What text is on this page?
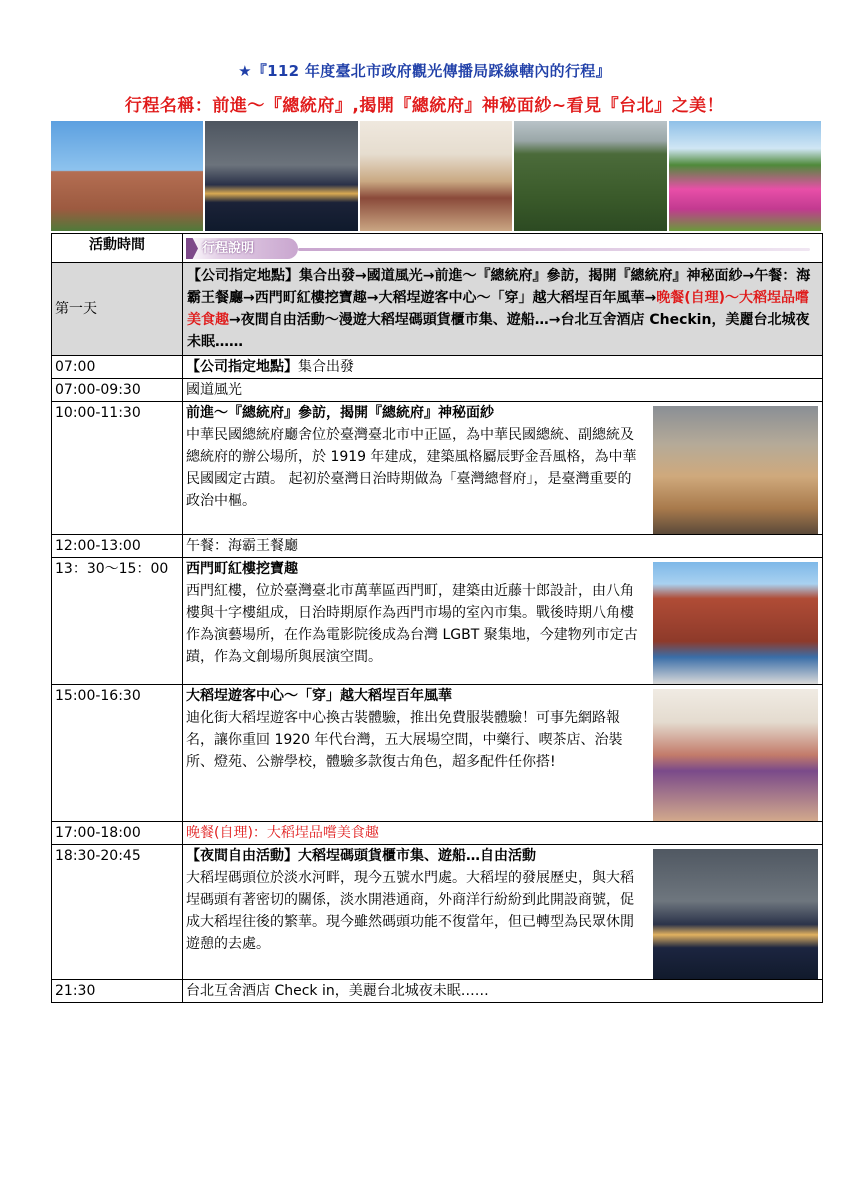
★『112 年度臺北市政府觀光傳播局踩線轄內的行程』
行程名稱：前進～『總統府』,揭開『總統府』神秘面紗~看見『台北』之美！
活動時間	行程說明

第一天	【公司指定地點】集合出發→國道風光→前進～『總統府』參訪，揭開『總統府』神秘面紗→午餐：海霸王餐廳→西門町紅樓挖寶趣→大稻埕遊客中心～「穿」越大稻埕百年風華→晚餐(自理)～大稻埕品嚐美食趣→夜間自由活動～漫遊大稻埕碼頭貨櫃市集、遊船…→台北互舍酒店 Checkin，美麗台北城夜未眠……
07:00	【公司指定地點】集合出發
07:00-09:30	國道風光
10:00-11:30	前進～『總統府』參訪，揭開『總統府』神秘面紗
中華民國總統府廳舍位於臺灣臺北市中正區，為中華民國總統、副總統及總統府的辦公場所，於 1919 年建成，建築風格屬辰野金吾風格，為中華民國國定古蹟。 起初於臺灣日治時期做為「臺灣總督府」，是臺灣重要的政治中樞。

12:00-13:00	午餐：海霸王餐廳
13：30～15：00	西門町紅樓挖寶趣
西門紅樓，位於臺灣臺北市萬華區西門町，建築由近藤十郎設計，由八角樓與十字樓組成，日治時期原作為西門市場的室內市集。戰後時期八角樓作為演藝場所，在作為電影院後成為台灣 LGBT 聚集地，今建物列市定古蹟，作為文創場所與展演空間。

15:00-16:30	大稻埕遊客中心～「穿」越大稻埕百年風華
迪化街大稻埕遊客中心換古裝體驗，推出免費服裝體驗！可事先網路報名，讓你重回 1920 年代台灣，五大展場空間，中藥行、喫茶店、治裝所、燈苑、公辦學校，體驗多款復古角色，超多配件任你搭!

17:00-18:00	晚餐(自理)：大稻埕品嚐美食趣
18:30-20:45	【夜間自由活動】大稻埕碼頭貨櫃市集、遊船…自由活動
大稻埕碼頭位於淡水河畔，現今五號水門處。大稻埕的發展歷史，與大稻埕碼頭有著密切的關係，淡水開港通商，外商洋行紛紛到此開設商號，促成大稻埕往後的繁華。現今雖然碼頭功能不復當年，但已轉型為民眾休閒遊憩的去處。

21:30	台北互舍酒店 Check in，美麗台北城夜未眠……
